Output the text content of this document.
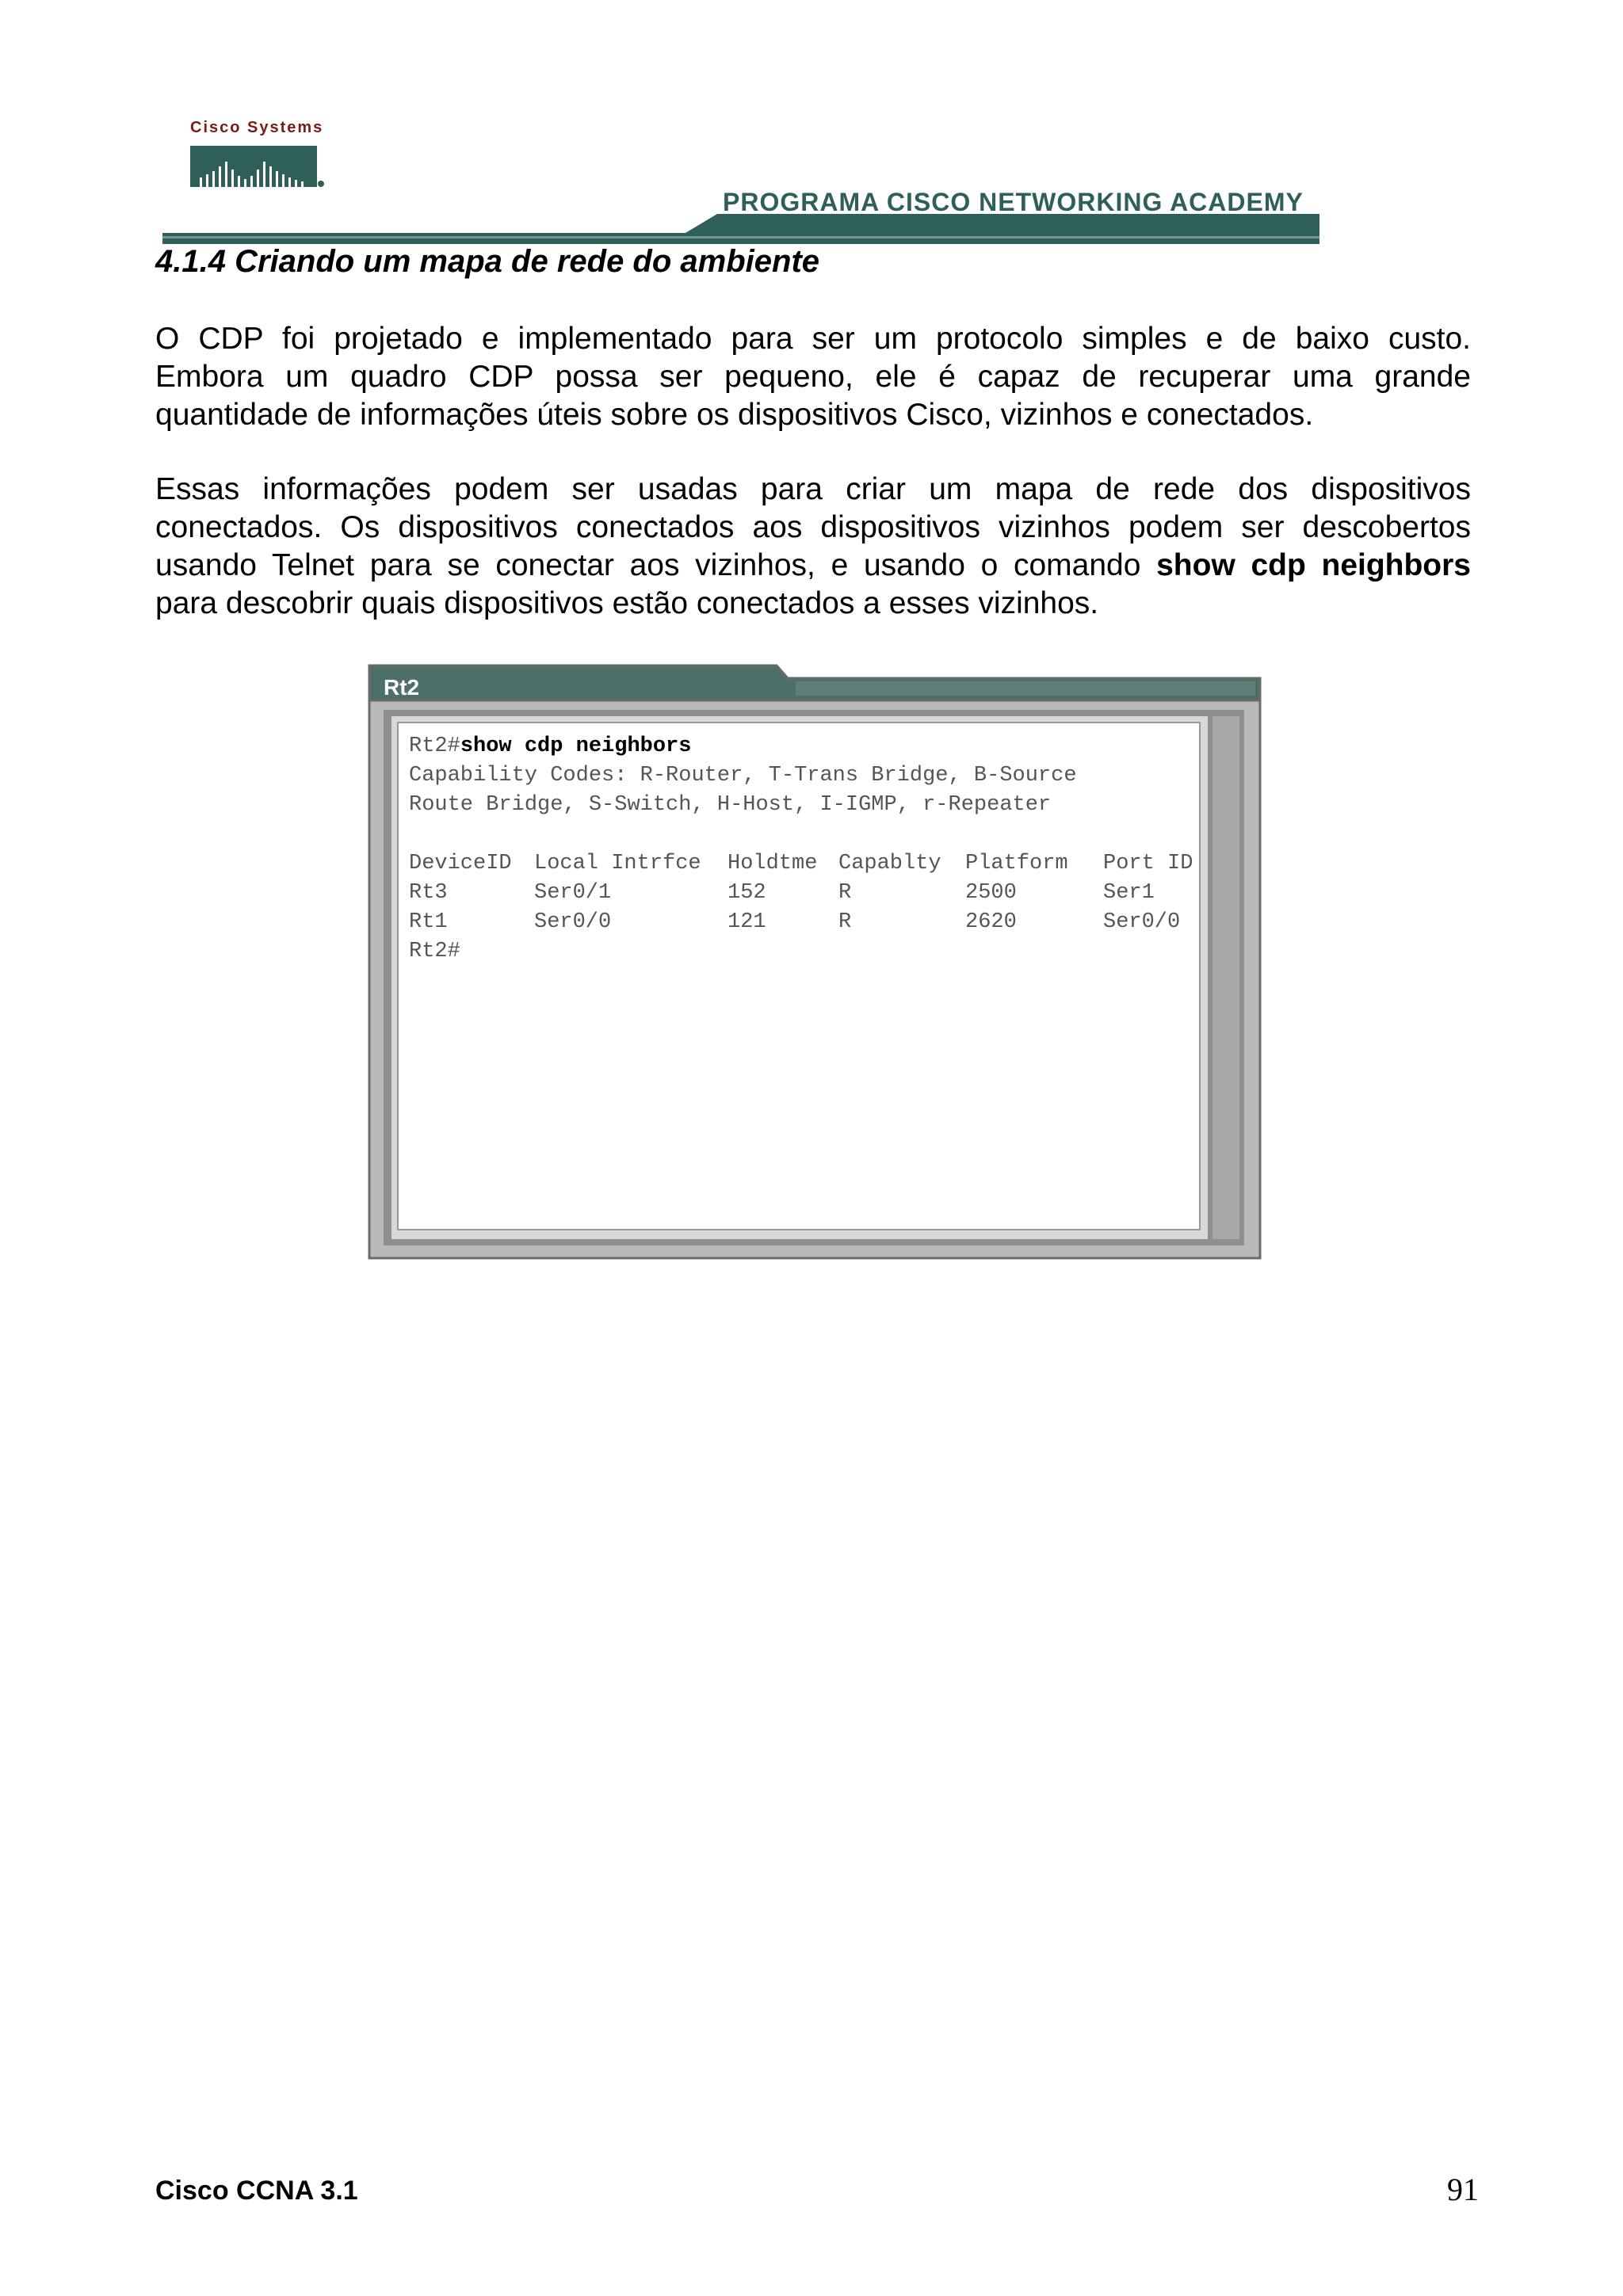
Cisco Systems
PROGRAMA CISCO NETWORKING ACADEMY
4.1.4 Criando um mapa de rede do ambiente

O CDP foi projetado e implementado para ser um protocolo simples e de baixo custo.
Embora um quadro CDP possa ser pequeno, ele é capaz de recuperar uma grande
quantidade de informações úteis sobre os dispositivos Cisco, vizinhos e conectados.

Essas informações podem ser usadas para criar um mapa de rede dos dispositivos
conectados. Os dispositivos conectados aos dispositivos vizinhos podem ser descobertos
usando Telnet para se conectar aos vizinhos, e usando o comando show cdp neighbors
para descobrir quais dispositivos estão conectados a esses vizinhos.

Rt2
Rt2#show cdp neighbors
Capability Codes: R-Router, T-Trans Bridge, B-Source
Route Bridge, S-Switch, H-Host, I-IGMP, r-Repeater
DeviceID Local Intrfce Holdtme Capablty Platform Port ID
Rt3	Ser0/1	152	R	2500	Ser1
Rt1	Ser0/0	121	R	2620	Ser0/0
Rt2#
Cisco CCNA 3.1	91
